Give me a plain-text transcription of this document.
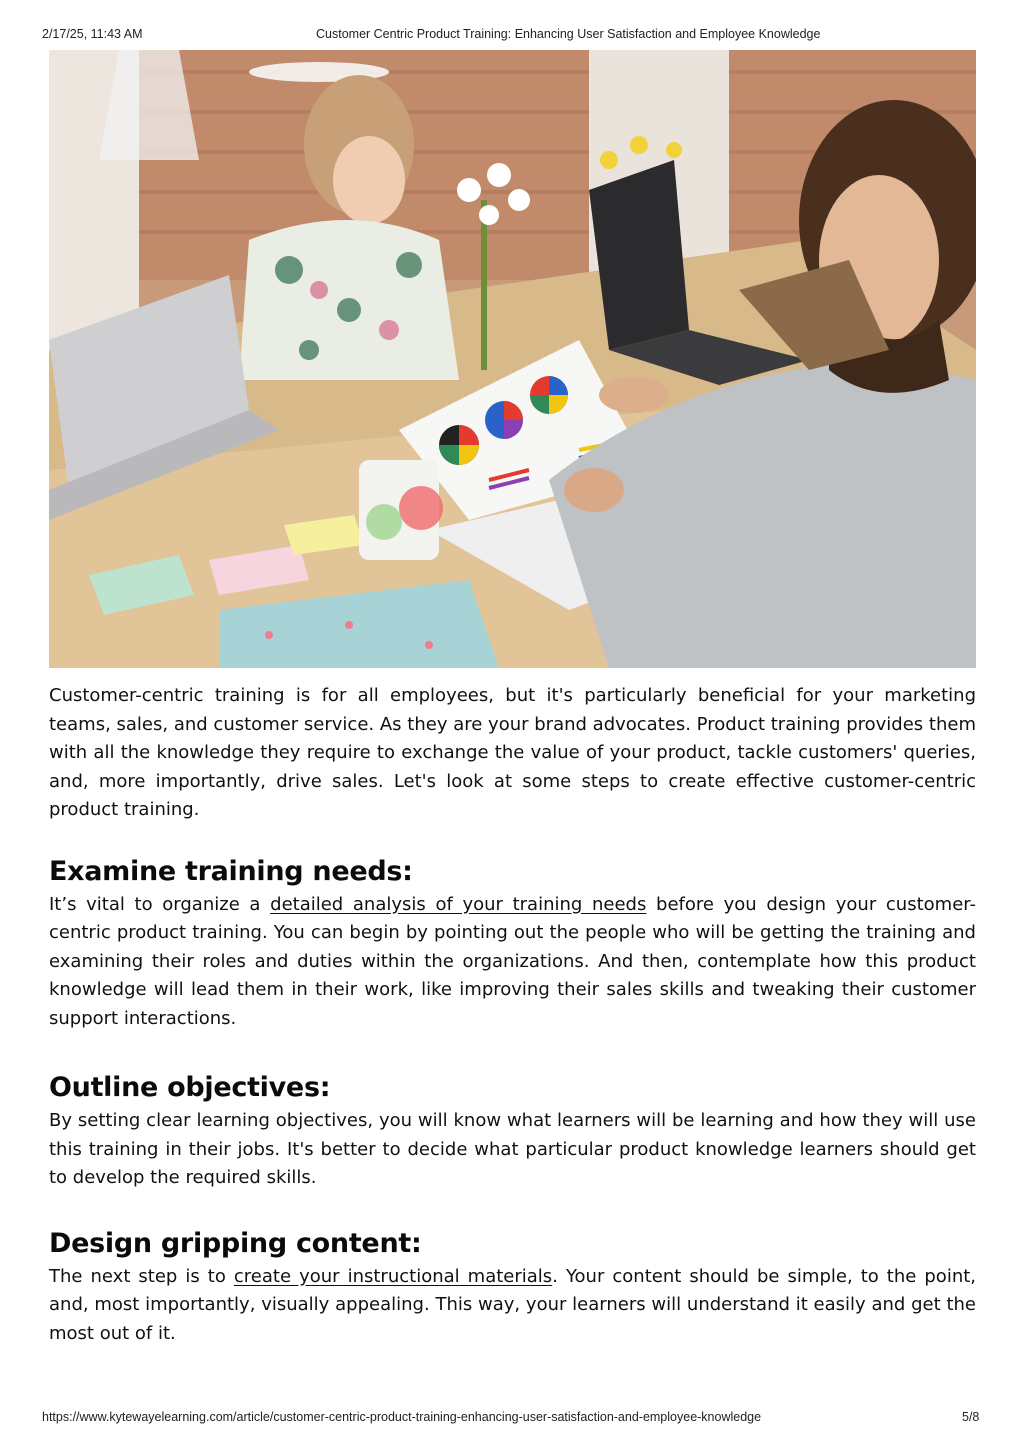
2/17/25, 11:43 AM	Customer Centric Product Training: Enhancing User Satisfaction and Employee Knowledge

Customer-centric training is for all employees, but it's particularly beneficial for your marketing teams, sales, and customer service. As they are your brand advocates. Product training provides them with all the knowledge they require to exchange the value of your product, tackle customers' queries, and, more importantly, drive sales. Let's look at some steps to create effective customer-centric product training.

Examine training needs:

It’s vital to organize a detailed analysis of your training needs before you design your customer-centric product training. You can begin by pointing out the people who will be getting the training and examining their roles and duties within the organizations. And then, contemplate how this product knowledge will lead them in their work, like improving their sales skills and tweaking their customer support interactions.

Outline objectives:

By setting clear learning objectives, you will know what learners will be learning and how they will use this training in their jobs. It's better to decide what particular product knowledge learners should get to develop the required skills.

Design gripping content:

The next step is to create your instructional materials. Your content should be simple, to the point, and, most importantly, visually appealing. This way, your learners will understand it easily and get the most out of it.

https://www.kytewayelearning.com/article/customer-centric-product-training-enhancing-user-satisfaction-and-employee-knowledge	5/8
